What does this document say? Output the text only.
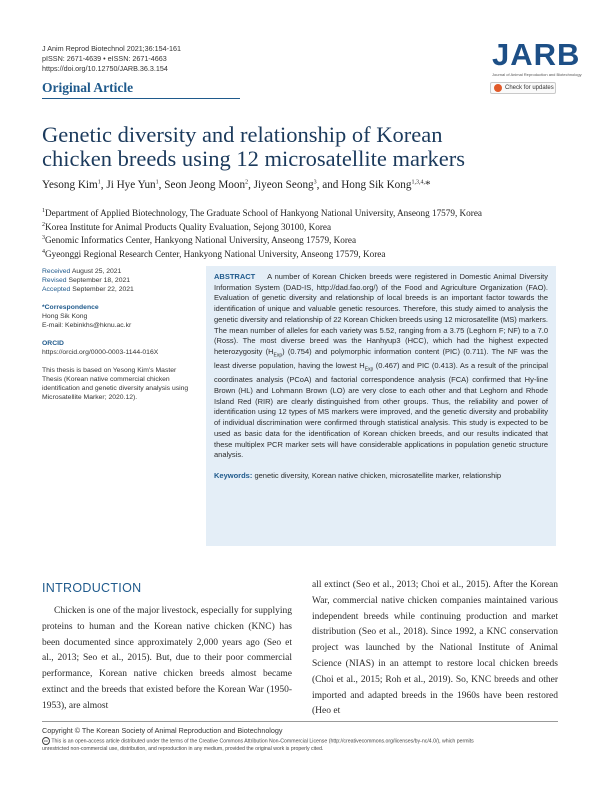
J Anim Reprod Biotechnol 2021;36:154-161
pISSN: 2671-4639 • eISSN: 2671-4663
https://doi.org/10.12750/JARB.36.3.154
Original Article
JARB
Journal of Animal Reproduction and Biotechnology
Check for updates
Genetic diversity and relationship of Korean
chicken breeds using 12 microsatellite markers
Yesong Kim$^1$, Ji Hye Yun$^1$, Seon Jeong Moon$^2$, Jiyeon Seong$^3$, and Hong Sik Kong$^{1,3,4,}$*
$^1$Department of Applied Biotechnology, The Graduate School of Hankyong National University, Anseong 17579, Korea
$^2$Korea Institute for Animal Products Quality Evaluation, Sejong 30100, Korea
$^3$Genomic Informatics Center, Hankyong National University, Anseong 17579, Korea
$^4$Gyeonggi Regional Research Center, Hankyong National University, Anseong 17579, Korea
Received August 25, 2021
Revised September 18, 2021
Accepted September 22, 2021
*Correspondence
Hong Sik Kong
E-mail: Kebinkhs@hknu.ac.kr
ORCID
https://orcid.org/0000-0003-1144-016X
This thesis is based on Yesong Kim's Master Thesis (Korean native commercial chicken identification and genetic diversity analysis using Microsatellite Marker; 2020.12).
ABSTRACT A number of Korean Chicken breeds were registered in Domestic Animal Diversity Information System (DAD-IS, http://dad.fao.org/) of the Food and Agriculture Organization (FAO). Evaluation of genetic diversity and relationship of local breeds is an important factor towards the identification of unique and valuable genetic resources. Therefore, this study aimed to analysis the genetic diversity and relationship of 22 Korean Chicken breeds using 12 microsatellite (MS) markers. The mean number of alleles for each variety was 5.52, ranging from a 3.75 (Leghorn F; NF) to a 7.0 (Ross). The most diverse breed was the Hanhyup3 (HCC), which had the highest expected heterozygosity $(H_{Exp})$ (0.754) and polymorphic information content (PIC) (0.711). The NF was the least diverse population, having the lowest $H_{Exp}$ (0.467) and PIC (0.413). As a result of the principal coordinates analysis (PCoA) and factorial correspondence analysis (FCA) confirmed that Hy-line Brown (HL) and Lohmann Brown (LO) are very close to each other and that Leghorn and Rhode Island Red (RIR) are clearly distinguished from other groups. Thus, the reliability and power of identification using 12 types of MS markers were improved, and the genetic diversity and probability of individual discrimination were confirmed through statistical analysis. This study is expected to be used as basic data for the identification of Korean chicken breeds, and our results indicated that these multiplex PCR marker sets will have considerable applications in population genetic structure analysis.
Keywords: genetic diversity, Korean native chicken, microsatellite marker, relationship
INTRODUCTION
Chicken is one of the major livestock, especially for supplying proteins to human and the Korean native chicken (KNC) has been documented since approximately 2,000 years ago (Seo et al., 2013; Seo et al., 2015). But, due to their poor commercial performance, Korean native chicken breeds almost became extinct and the breeds that existed before the Korean War (1950-1953), are almost
all extinct (Seo et al., 2013; Choi et al., 2015). After the Korean War, commercial native chicken companies maintained various independent breeds while continuing production and market distribution (Seo et al., 2018). Since 1992, a KNC conservation project was launched by the National Institute of Animal Science (NIAS) in an attempt to restore local chicken breeds (Choi et al., 2015; Roh et al., 2019). So, KNC breeds and other imported and adapted breeds in the 1960s have been restored (Heo et
Copyright © The Korean Society of Animal Reproduction and Biotechnology
cc This is an open-access article distributed under the terms of the Creative Commons Attribution Non-Commercial License (http://creativecommons.org/licenses/by-nc/4.0/), which permits
unrestricted non-commercial use, distribution, and reproduction in any medium, provided the original work is properly cited.
